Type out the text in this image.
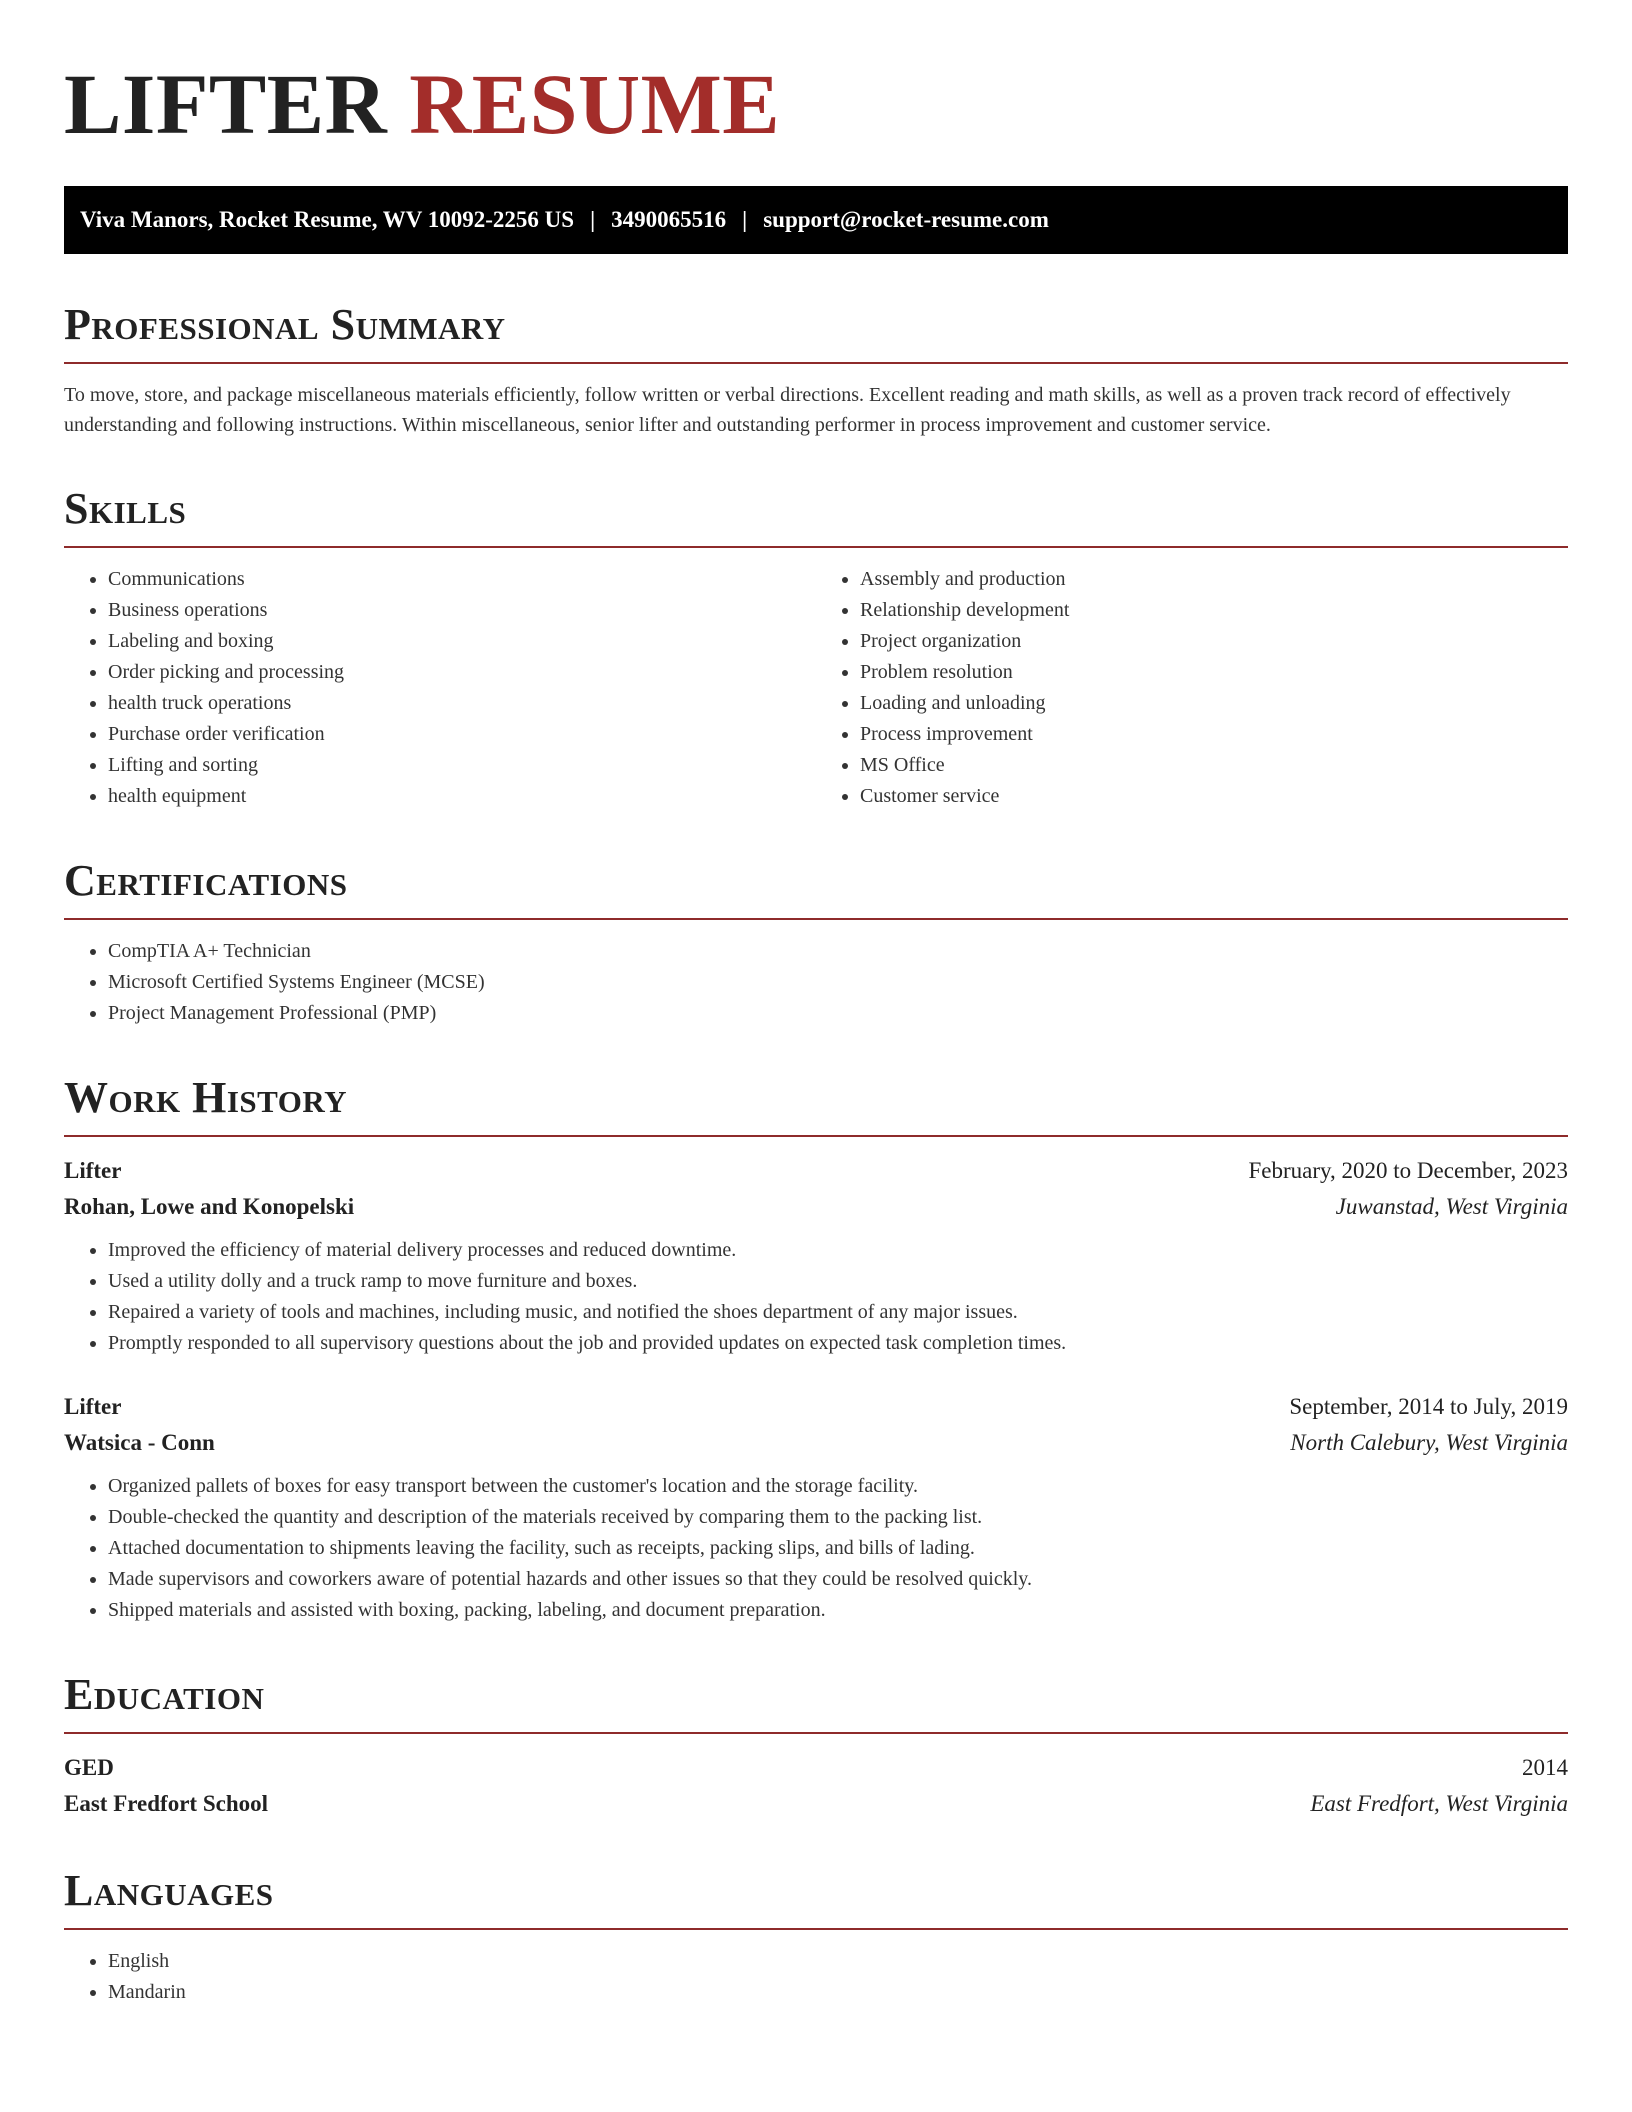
LIFTER RESUME
Viva Manors, Rocket Resume, WV 10092-2256 US | 3490065516 | support@rocket-resume.com
Professional Summary

To move, store, and package miscellaneous materials efficiently, follow written or verbal directions. Excellent reading and math skills, as well as a proven track record of effectively understanding and following instructions. Within miscellaneous, senior lifter and outstanding performer in process improvement and customer service.

Skills
• Communications
• Business operations
• Labeling and boxing
• Order picking and processing
• health truck operations
• Purchase order verification
• Lifting and sorting
• health equipment
• Assembly and production
• Relationship development
• Project organization
• Problem resolution
• Loading and unloading
• Process improvement
• MS Office
• Customer service
Certifications
• CompTIA A+ Technician
• Microsoft Certified Systems Engineer (MCSE)
• Project Management Professional (PMP)
Work History
Lifter	February, 2020 to December, 2023
Rohan, Lowe and Konopelski	Juwanstad, West Virginia
• Improved the efficiency of material delivery processes and reduced downtime.
• Used a utility dolly and a truck ramp to move furniture and boxes.
• Repaired a variety of tools and machines, including music, and notified the shoes department of any major issues.
• Promptly responded to all supervisory questions about the job and provided updates on expected task completion times.
Lifter	September, 2014 to July, 2019
Watsica - Conn	North Calebury, West Virginia
• Organized pallets of boxes for easy transport between the customer's location and the storage facility.
• Double-checked the quantity and description of the materials received by comparing them to the packing list.
• Attached documentation to shipments leaving the facility, such as receipts, packing slips, and bills of lading.
• Made supervisors and coworkers aware of potential hazards and other issues so that they could be resolved quickly.
• Shipped materials and assisted with boxing, packing, labeling, and document preparation.
Education
GED	2014
East Fredfort School	East Fredfort, West Virginia
Languages
• English
• Mandarin
